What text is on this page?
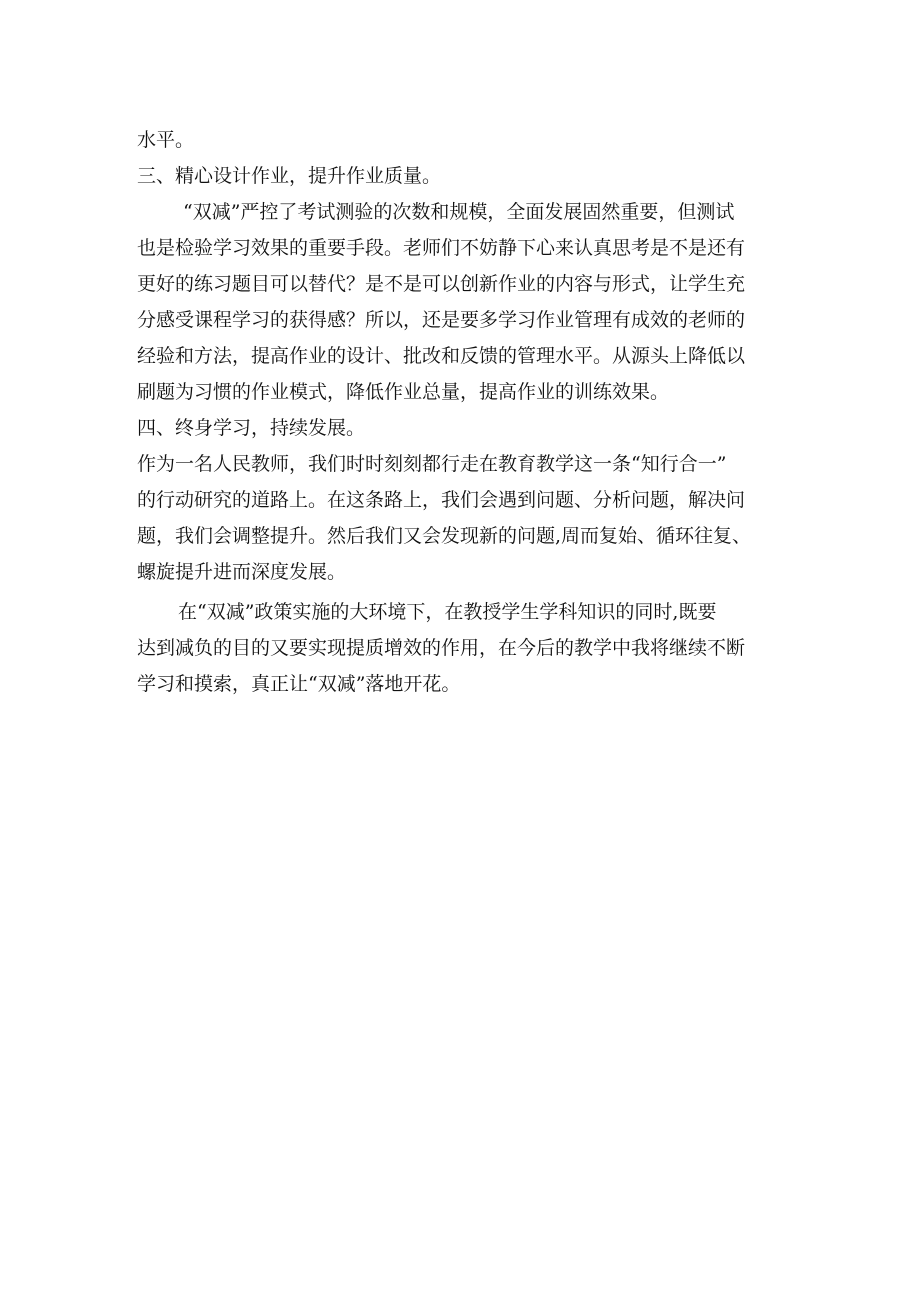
水平。

三、精心设计作业，提升作业质量。

“双减”严控了考试测验的次数和规模，全面发展固然重要，但测试

也是检验学习效果的重要手段。老师们不妨静下心来认真思考是不是还有

更好的练习题目可以替代？是不是可以创新作业的内容与形式，让学生充

分感受课程学习的获得感？所以，还是要多学习作业管理有成效的老师的

经验和方法，提高作业的设计、批改和反馈的管理水平。从源头上降低以

刷题为习惯的作业模式，降低作业总量，提高作业的训练效果。

四、终身学习，持续发展。

作为一名人民教师，我们时时刻刻都行走在教育教学这一条“知行合一”

的行动研究的道路上。在这条路上，我们会遇到问题、分析问题，解决问

题，我们会调整提升。然后我们又会发现新的问题,周而复始、循环往复、

螺旋提升进而深度发展。

在“双减”政策实施的大环境下，在教授学生学科知识的同时,既要

达到减负的目的又要实现提质增效的作用，在今后的教学中我将继续不断

学习和摸索，真正让“双减”落地开花。
